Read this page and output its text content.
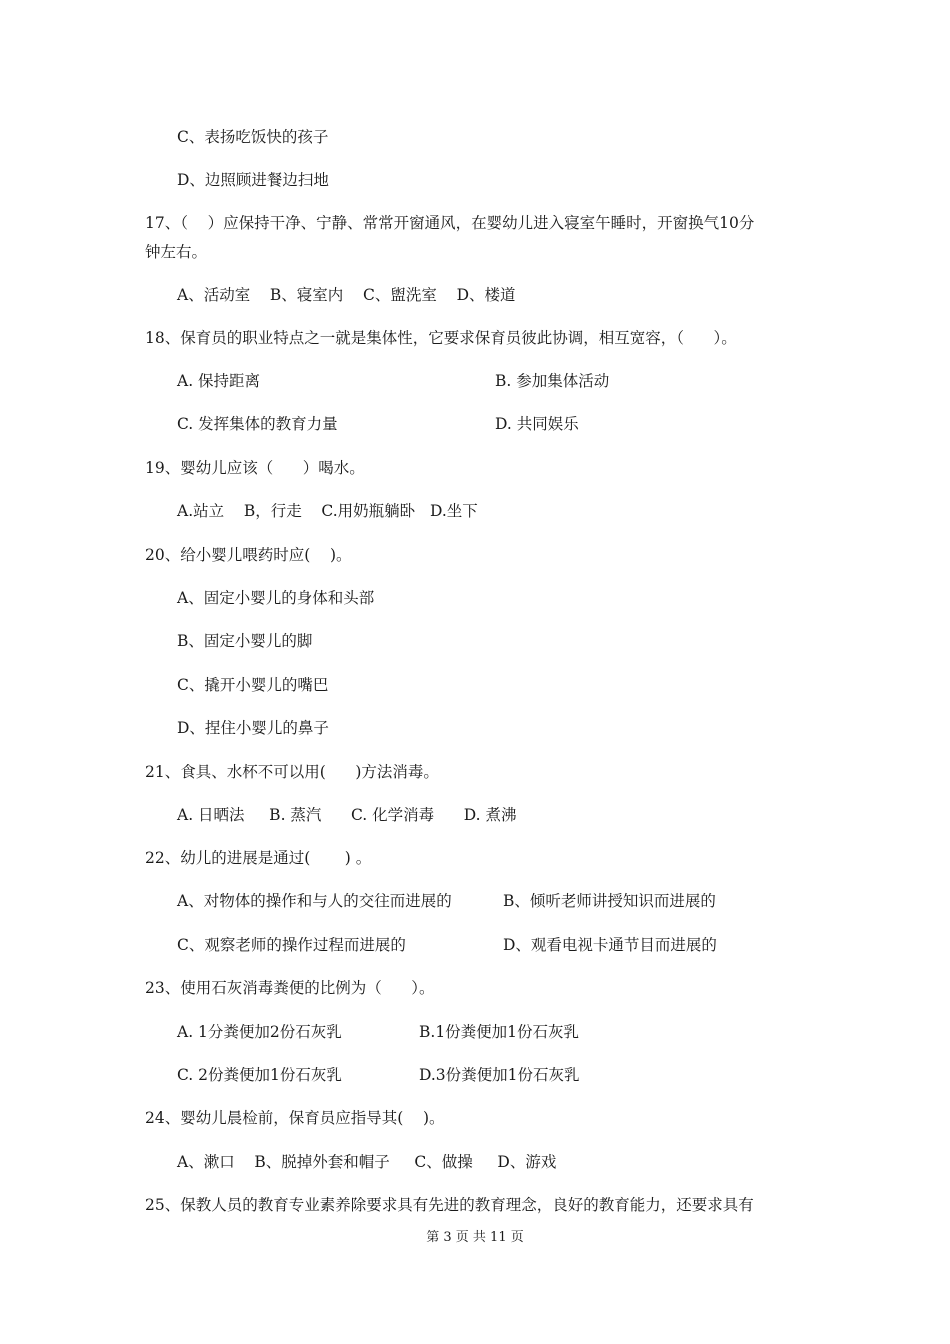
C、表扬吃饭快的孩子

D、边照顾进餐边扫地

17、（    ）应保持干净、宁静、常常开窗通风，在婴幼儿进入寝室午睡时，开窗换气10分

钟左右。

A、活动室    B、寝室内    C、盥洗室    D、楼道

18、保育员的职业特点之一就是集体性，它要求保育员彼此协调，相互宽容，（      ）。

A. 保持距离	B. 参加集体活动
C. 发挥集体的教育力量	D. 共同娱乐

19、婴幼儿应该（      ）喝水。

A.站立    B，行走    C.用奶瓶躺卧   D.坐下

20、给小婴儿喂药时应(    )。

A、固定小婴儿的身体和头部

B、固定小婴儿的脚

C、撬开小婴儿的嘴巴

D、捏住小婴儿的鼻子

21、食具、水杯不可以用(      )方法消毒。

A. 日晒法     B. 蒸汽      C. 化学消毒      D. 煮沸

22、幼儿的进展是通过(       ) 。

A、对物体的操作和与人的交往而进展的	B、倾听老师讲授知识而进展的
C、观察老师的操作过程而进展的	D、观看电视卡通节目而进展的

23、使用石灰消毒粪便的比例为（      ）。

A. 1分粪便加2份石灰乳	B.1份粪便加1份石灰乳
C. 2份粪便加1份石灰乳	D.3份粪便加1份石灰乳

24、婴幼儿晨检前，保育员应指导其(    )。

A、漱口    B、脱掉外套和帽子     C、做操     D、游戏

25、保教人员的教育专业素养除要求具有先进的教育理念，良好的教育能力，还要求具有

第 3 页 共 11 页
